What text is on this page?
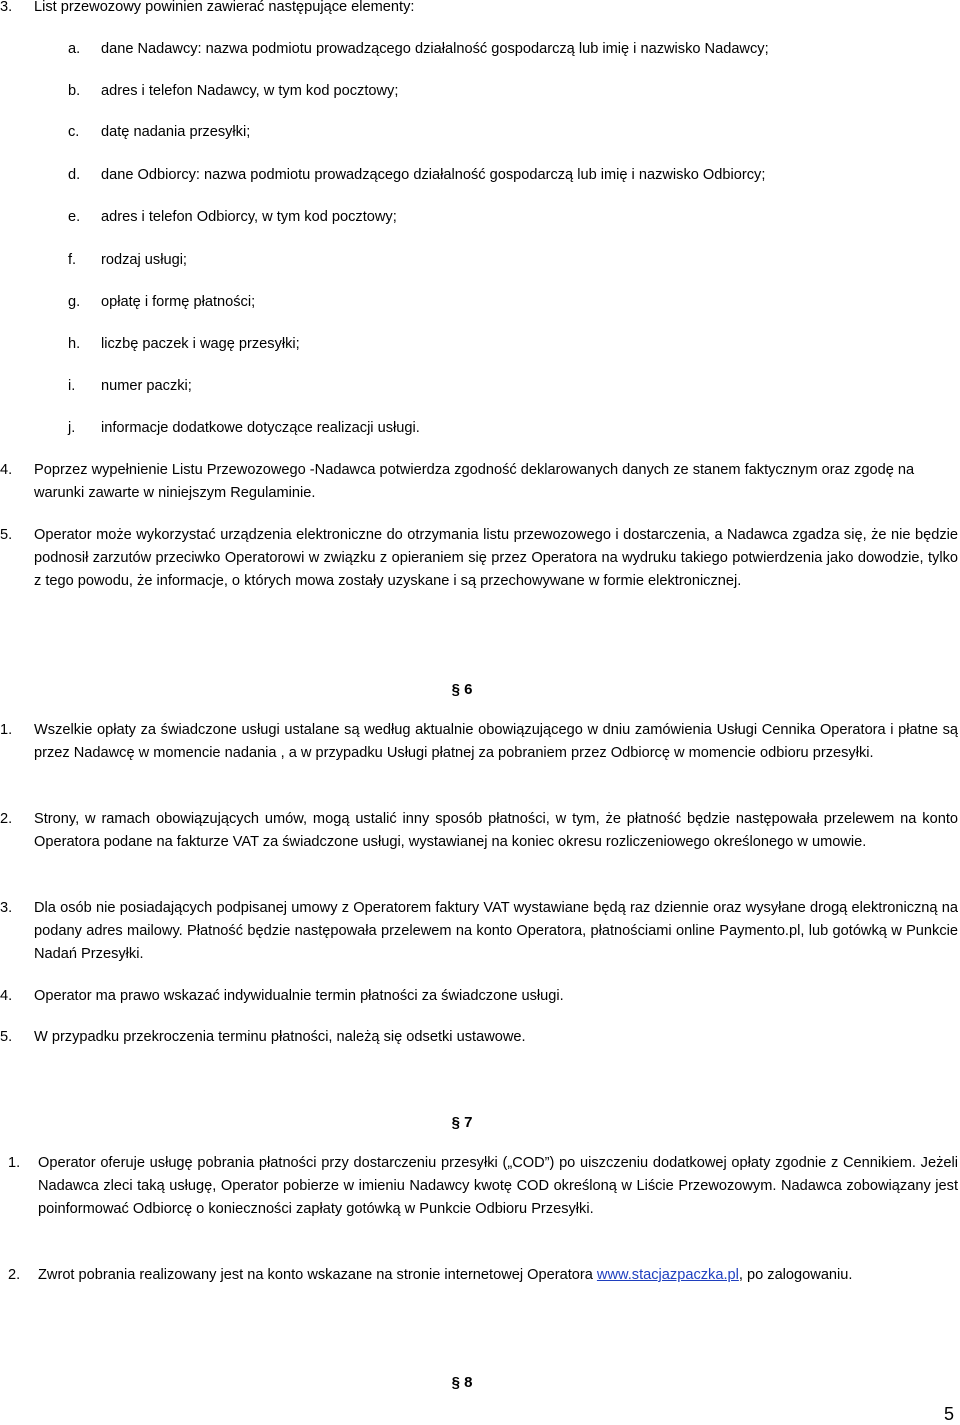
3.	List przewozowy powinien zawierać następujące elementy:
a.	dane Nadawcy: nazwa podmiotu prowadzącego działalność gospodarczą lub imię i nazwisko Nadawcy;
b.	adres i telefon Nadawcy, w tym kod pocztowy;
c.	datę nadania przesyłki;
d.	dane Odbiorcy: nazwa podmiotu prowadzącego działalność gospodarczą lub imię i nazwisko Odbiorcy;
e.	adres i telefon Odbiorcy, w tym kod pocztowy;
f.	rodzaj usługi;
g.	opłatę i formę płatności;
h.	liczbę paczek i wagę przesyłki;
i.	numer paczki;
j.	informacje dodatkowe dotyczące realizacji usługi.
4.	Poprzez wypełnienie Listu Przewozowego -Nadawca potwierdza zgodność deklarowanych danych ze stanem faktycznym oraz zgodę na warunki zawarte w niniejszym Regulaminie.
5.	Operator może wykorzystać urządzenia elektroniczne do otrzymania listu przewozowego i dostarczenia, a Nadawca zgadza się, że nie będzie podnosił zarzutów przeciwko Operatorowi w związku z opieraniem się przez Operatora na wydruku takiego potwierdzenia jako dowodzie, tylko z tego powodu, że informacje, o których mowa zostały uzyskane i są przechowywane w formie elektronicznej.
§ 6
1.	Wszelkie opłaty za świadczone usługi ustalane są według aktualnie obowiązującego w dniu zamówienia Usługi Cennika Operatora i płatne są przez Nadawcę w momencie nadania , a w przypadku Usługi płatnej za pobraniem przez Odbiorcę w momencie odbioru przesyłki.
2.	Strony, w ramach obowiązujących umów, mogą ustalić inny sposób płatności, w tym, że płatność będzie następowała przelewem na konto Operatora podane na fakturze VAT za świadczone usługi, wystawianej na koniec okresu rozliczeniowego określonego w umowie.
3.	Dla osób nie posiadających podpisanej umowy z Operatorem faktury VAT wystawiane będą raz dziennie oraz wysyłane drogą elektroniczną na podany adres mailowy. Płatność będzie następowała przelewem na konto Operatora, płatnościami online Paymento.pl, lub gotówką w Punkcie Nadań Przesyłki.
4.	Operator ma prawo wskazać indywidualnie termin płatności za świadczone usługi.
5.	W przypadku przekroczenia terminu płatności, należą się odsetki ustawowe.
§ 7
1.	Operator oferuje usługę pobrania płatności przy dostarczeniu przesyłki („COD”) po uiszczeniu dodatkowej opłaty zgodnie z Cennikiem. Jeżeli Nadawca zleci taką usługę, Operator pobierze w imieniu Nadawcy kwotę COD określoną w Liście Przewozowym. Nadawca zobowiązany jest poinformować Odbiorcę o konieczności zapłaty gotówką w Punkcie Odbioru Przesyłki.
2.	Zwrot pobrania realizowany jest na konto wskazane na stronie internetowej Operatora www.stacjazpaczka.pl, po zalogowaniu.
§ 8
5
